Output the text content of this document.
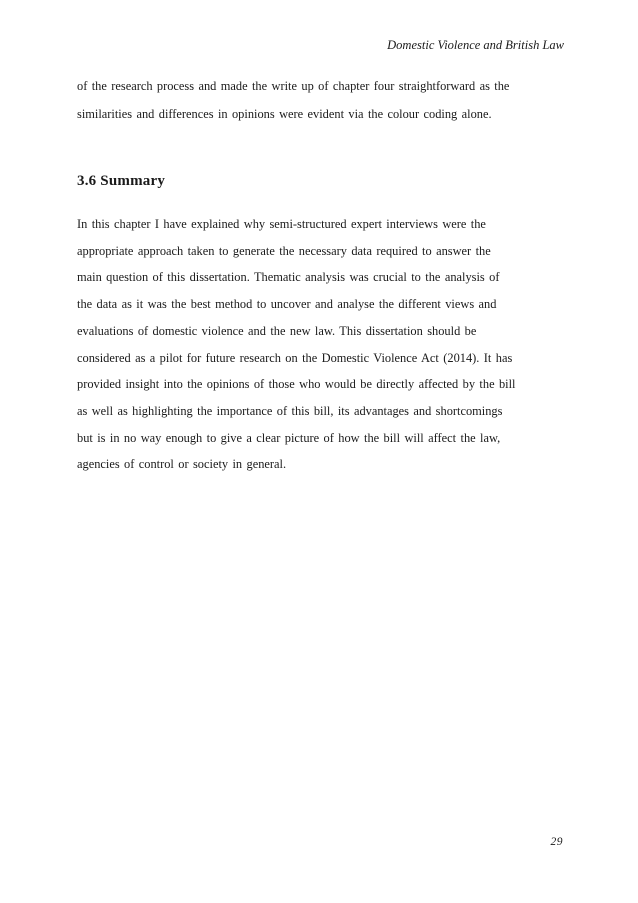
Domestic Violence and British Law
of the research process and made the write up of chapter four straightforward as the
similarities and differences in opinions were evident via the colour coding alone.
3.6 Summary
In this chapter I have explained why semi-structured expert interviews were the
appropriate approach taken to generate the necessary data required to answer the
main question of this dissertation. Thematic analysis was crucial to the analysis of
the data as it was the best method to uncover and analyse the different views and
evaluations of domestic violence and the new law. This dissertation should be
considered as a pilot for future research on the Domestic Violence Act (2014). It has
provided insight into the opinions of those who would be directly affected by the bill
as well as highlighting the importance of this bill, its advantages and shortcomings
but is in no way enough to give a clear picture of how the bill will affect the law,
agencies of control or society in general.
29
